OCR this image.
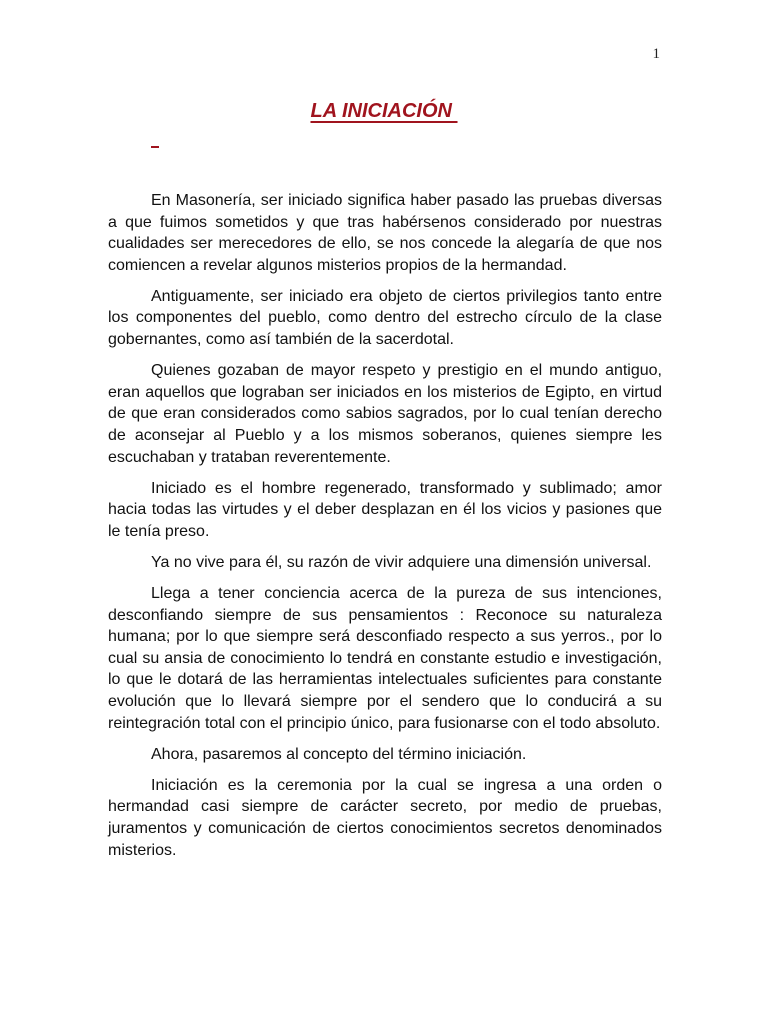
1
LA INICIACIÓN

En Masonería, ser iniciado significa haber pasado las pruebas diversas a que fuimos sometidos y que tras habérsenos considerado por nuestras cualidades ser merecedores de ello, se nos concede la alegaría de que nos comiencen a revelar algunos misterios propios de la hermandad.

Antiguamente, ser iniciado era objeto de ciertos privilegios tanto entre los componentes del pueblo, como dentro del estrecho círculo de la clase gobernantes, como así también de la sacerdotal.

Quienes gozaban de mayor respeto y prestigio en el mundo antiguo, eran aquellos que lograban ser iniciados en los misterios de Egipto, en virtud de que eran considerados como sabios sagrados, por lo cual tenían derecho de aconsejar al Pueblo y a los mismos soberanos, quienes siempre les escuchaban y trataban reverentemente.

Iniciado es el hombre regenerado, transformado y sublimado; amor hacia todas las virtudes y el deber desplazan en él los vicios y pasiones que le tenía preso.

Ya no vive para él, su razón de vivir adquiere una dimensión universal.

Llega a tener conciencia acerca de la pureza de sus intenciones, desconfiando siempre de sus pensamientos : Reconoce su naturaleza humana; por lo que siempre será desconfiado respecto a sus yerros., por lo cual su ansia de conocimiento lo tendrá en constante estudio e investigación, lo que le dotará de las herramientas intelectuales suficientes para constante evolución que lo llevará siempre por el sendero que lo conducirá a su reintegración total con el principio único, para fusionarse con el todo absoluto.

Ahora, pasaremos al concepto del término iniciación.

Iniciación es la ceremonia por la cual se ingresa a una orden o hermandad casi siempre de carácter secreto, por medio de pruebas, juramentos y comunicación de ciertos conocimientos secretos denominados misterios.
